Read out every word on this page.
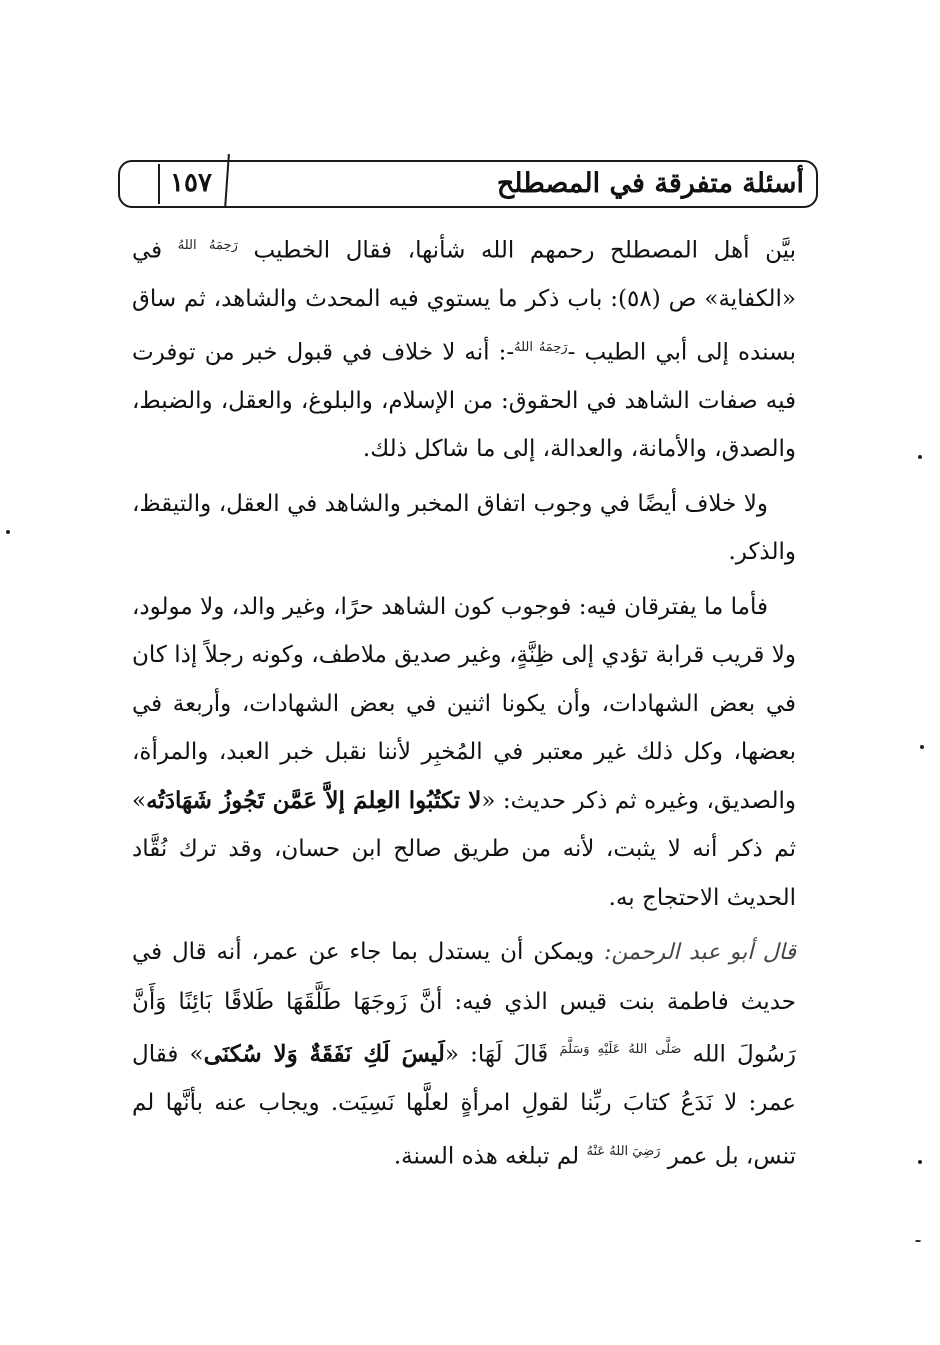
١٥٧	أسئلة متفرقة في المصطلح

بيَّن أهل المصطلح رحمهم الله شأنها، فقال الخطيب $^{رَحِمَهُ اللهُ}$ في «الكفاية» ص (٥٨): باب ذكر ما يستوي فيه المحدث والشاهد، ثم ساق بسنده إلى أبي الطيب -$^{رَحِمَهُ اللهُ}$-: أنه لا خلاف في قبول خبر من توفرت فيه صفات الشاهد في الحقوق: من الإسلام، والبلوغ، والعقل، والضبط، والصدق، والأمانة، والعدالة، إلى ما شاكل ذلك.

ولا خلاف أيضًا في وجوب اتفاق المخبر والشاهد في العقل، والتيقظ، والذكر.

فأما ما يفترقان فيه: فوجوب كون الشاهد حرًا، وغير والد، ولا مولود، ولا قريب قرابة تؤدي إلى ظِنَّةٍ، وغير صديق ملاطف، وكونه رجلاً إذا كان في بعض الشهادات، وأن يكونا اثنين في بعض الشهادات، وأربعة في بعضها، وكل ذلك غير معتبر في المُخبِر لأننا نقبل خبر العبد، والمرأة، والصديق، وغيره ثم ذكر حديث: «لا تكتُبُوا العِلمَ إلاَّ عَمَّن تَجُوزُ شَهَادَتُه» ثم ذكر أنه لا يثبت، لأنه من طريق صالح ابن حسان، وقد ترك نُقَّاد الحديث الاحتجاج به.

قال أبو عبد الرحمن: ويمكن أن يستدل بما جاء عن عمر، أنه قال في حديث فاطمة بنت قيس الذي فيه: أنَّ زَوجَهَا طَلَّقَهَا طَلاقًا بَائِنًا وَأَنَّ رَسُولَ الله $^{صَلَّى اللهُ عَلَيْهِ وَسَلَّمَ}$ قَالَ لَهَا: «لَيسَ لَكِ نَفَقَةٌ وَلا سُكنَى» فقال عمر: لا نَدَعُ كتابَ ربِّنا لقولِ امرأةٍ لعلَّها نَسِيَت. ويجاب عنه بأنَّها لم تنس، بل عمر $^{رَضِيَ اللهُ عَنْهُ}$ لم تبلغه هذه السنة.
